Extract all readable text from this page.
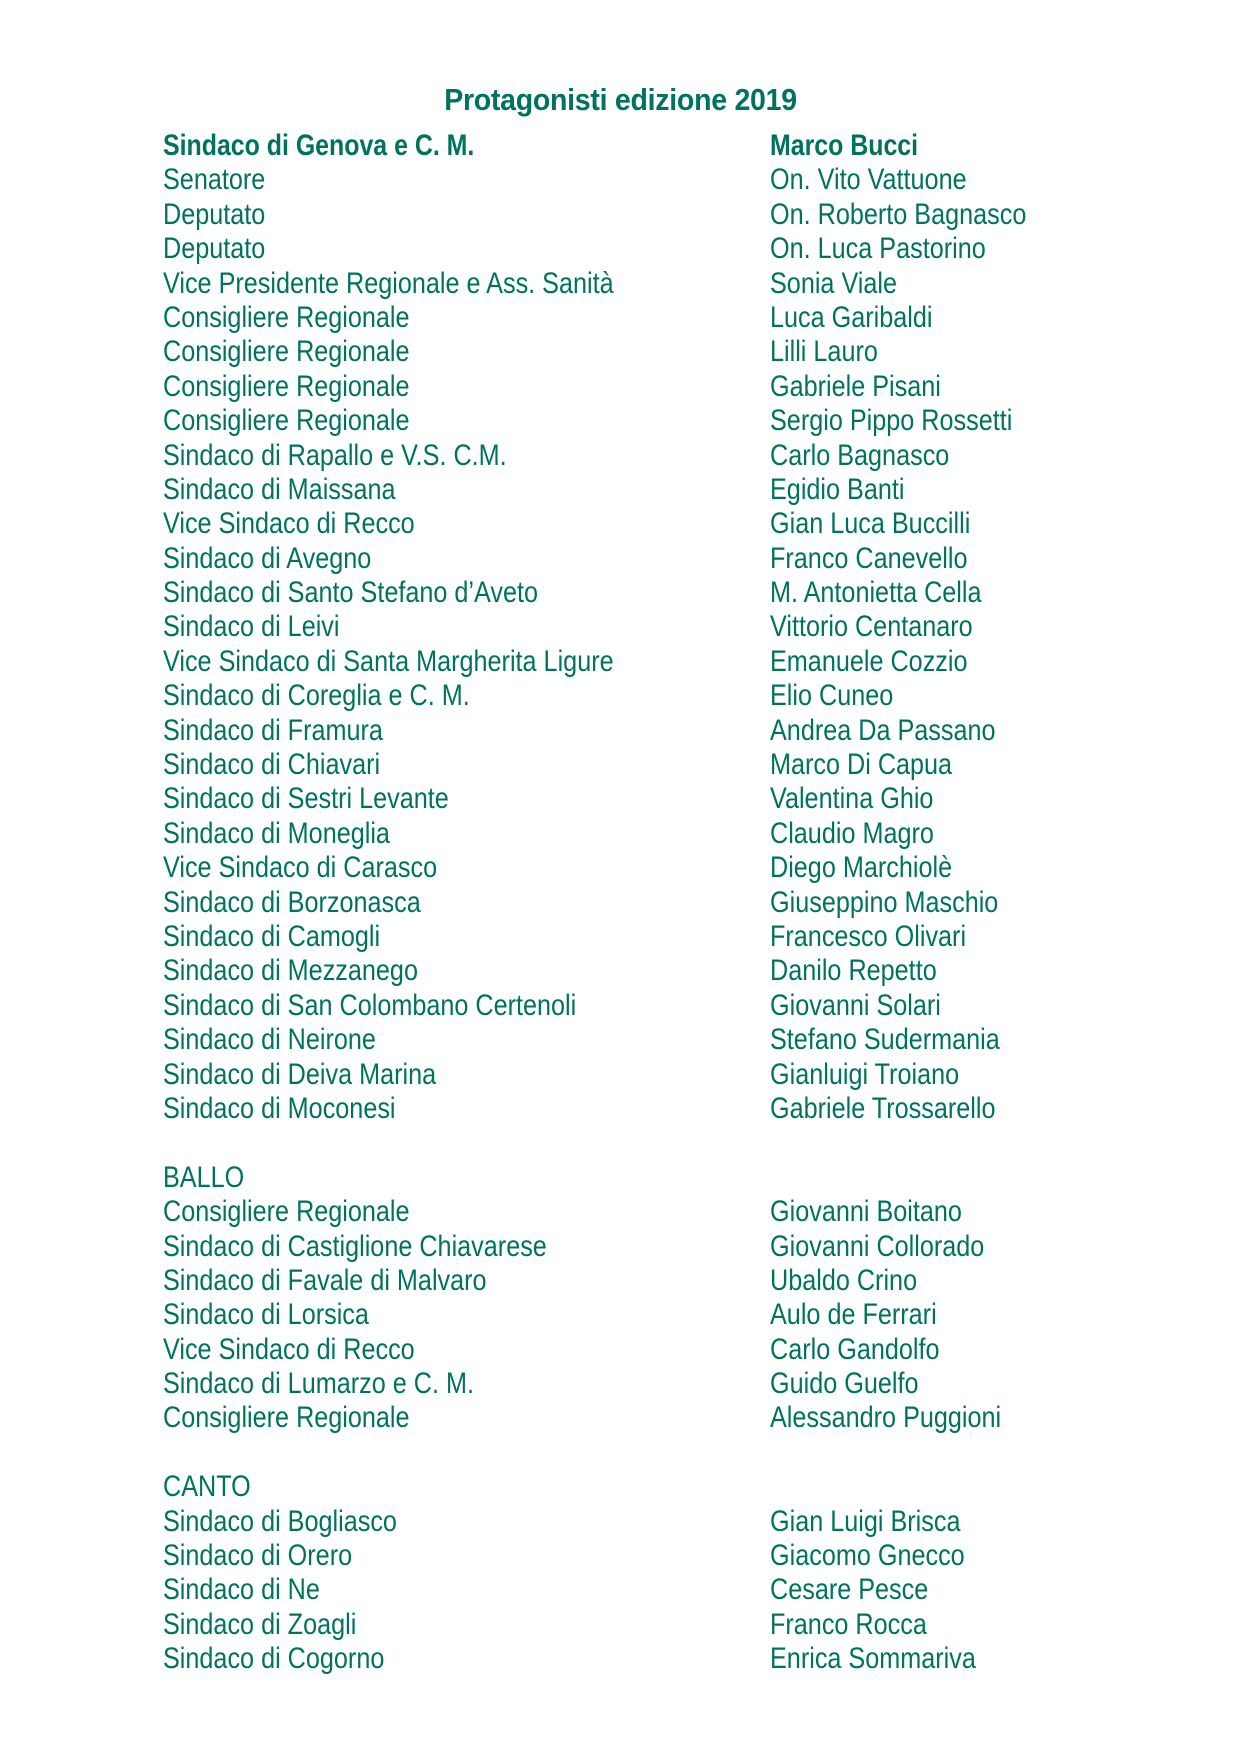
Protagonisti edizione 2019
Sindaco di Genova e C. M.	Marco Bucci
Senatore	On. Vito Vattuone
Deputato	On. Roberto Bagnasco
Deputato	On. Luca Pastorino
Vice Presidente Regionale e Ass. Sanità	Sonia Viale
Consigliere Regionale	Luca Garibaldi
Consigliere Regionale	Lilli Lauro
Consigliere Regionale	Gabriele Pisani
Consigliere Regionale	Sergio Pippo Rossetti
Sindaco di Rapallo e V.S. C.M.	Carlo Bagnasco
Sindaco di Maissana	Egidio Banti
Vice Sindaco di Recco	Gian Luca Buccilli
Sindaco di Avegno	Franco Canevello
Sindaco di Santo Stefano d’Aveto	M. Antonietta Cella
Sindaco di Leivi	Vittorio Centanaro
Vice Sindaco di Santa Margherita Ligure	Emanuele Cozzio
Sindaco di Coreglia e C. M.	Elio Cuneo
Sindaco di Framura	Andrea Da Passano
Sindaco di Chiavari	Marco Di Capua
Sindaco di Sestri Levante	Valentina Ghio
Sindaco di Moneglia	Claudio Magro
Vice Sindaco di Carasco	Diego Marchiolè
Sindaco di Borzonasca	Giuseppino Maschio
Sindaco di Camogli	Francesco Olivari
Sindaco di Mezzanego	Danilo Repetto
Sindaco di San Colombano Certenoli	Giovanni Solari
Sindaco di Neirone	Stefano Sudermania
Sindaco di Deiva Marina	Gianluigi Troiano
Sindaco di Moconesi	Gabriele Trossarello
BALLO
Consigliere Regionale	Giovanni Boitano
Sindaco di Castiglione Chiavarese	Giovanni Collorado
Sindaco di Favale di Malvaro	Ubaldo Crino
Sindaco di Lorsica	Aulo de Ferrari
Vice Sindaco di Recco	Carlo Gandolfo
Sindaco di Lumarzo e C. M.	Guido Guelfo
Consigliere Regionale	Alessandro Puggioni
CANTO
Sindaco di Bogliasco	Gian Luigi Brisca
Sindaco di Orero	Giacomo Gnecco
Sindaco di Ne	Cesare Pesce
Sindaco di Zoagli	Franco Rocca
Sindaco di Cogorno	Enrica Sommariva
